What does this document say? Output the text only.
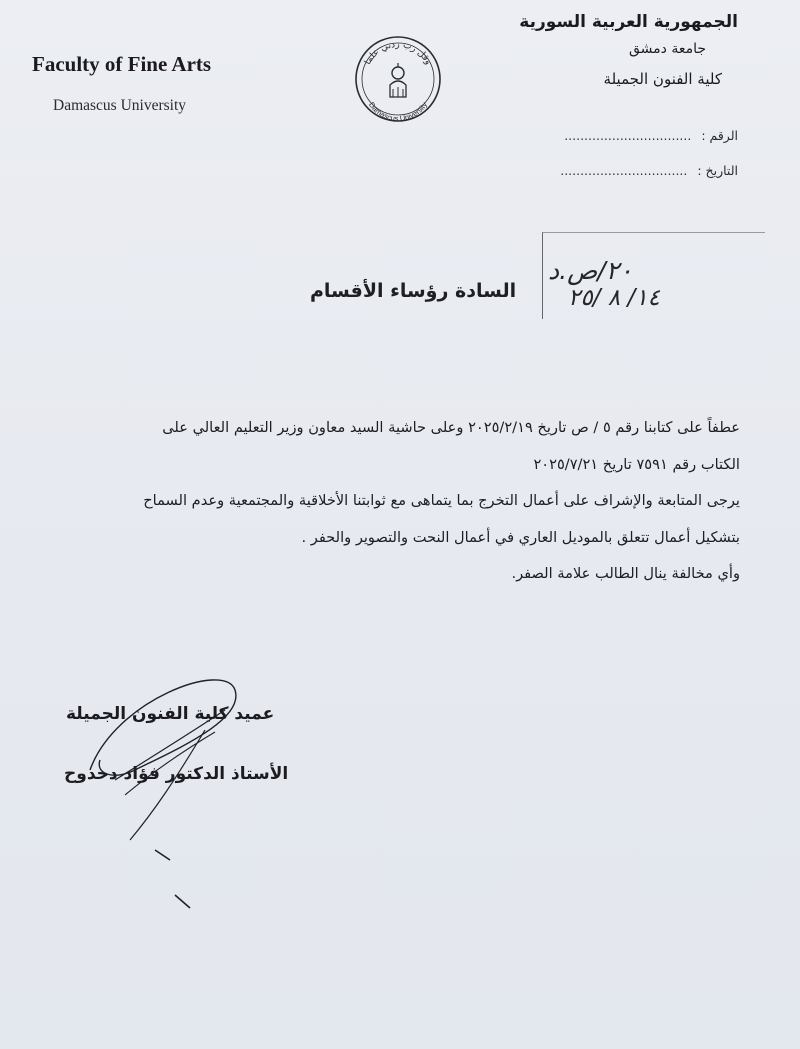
Faculty of Fine Arts
Damascus University
الجمهورية العربية السورية
جامعة دمشق
كلية الفنون الجميلة
وقل رب زدني علما
Damascus University
الرقم : ................................
التاريخ : ................................
٢٠/ص.د
١٤/ ٨ /٢٥
السادة رؤساء الأقسام

عطفاً على كتابنا رقم ٥ / ص تاريخ ٢٠٢٥/٢/١٩ وعلى حاشية السيد معاون وزير التعليم العالي على

الكتاب رقم ٧٥٩١ تاريخ ٢٠٢٥/٧/٢١

يرجى المتابعة والإشراف على أعمال التخرج بما يتماهى مع ثوابتنا الأخلاقية والمجتمعية وعدم السماح

بتشكيل أعمال تتعلق بالموديل العاري في أعمال النحت والتصوير والحفر .

وأي مخالفة ينال الطالب علامة الصفر.

عميد كلية الفنون الجميلة
الأستاذ الدكتور فؤاد دحدوح
